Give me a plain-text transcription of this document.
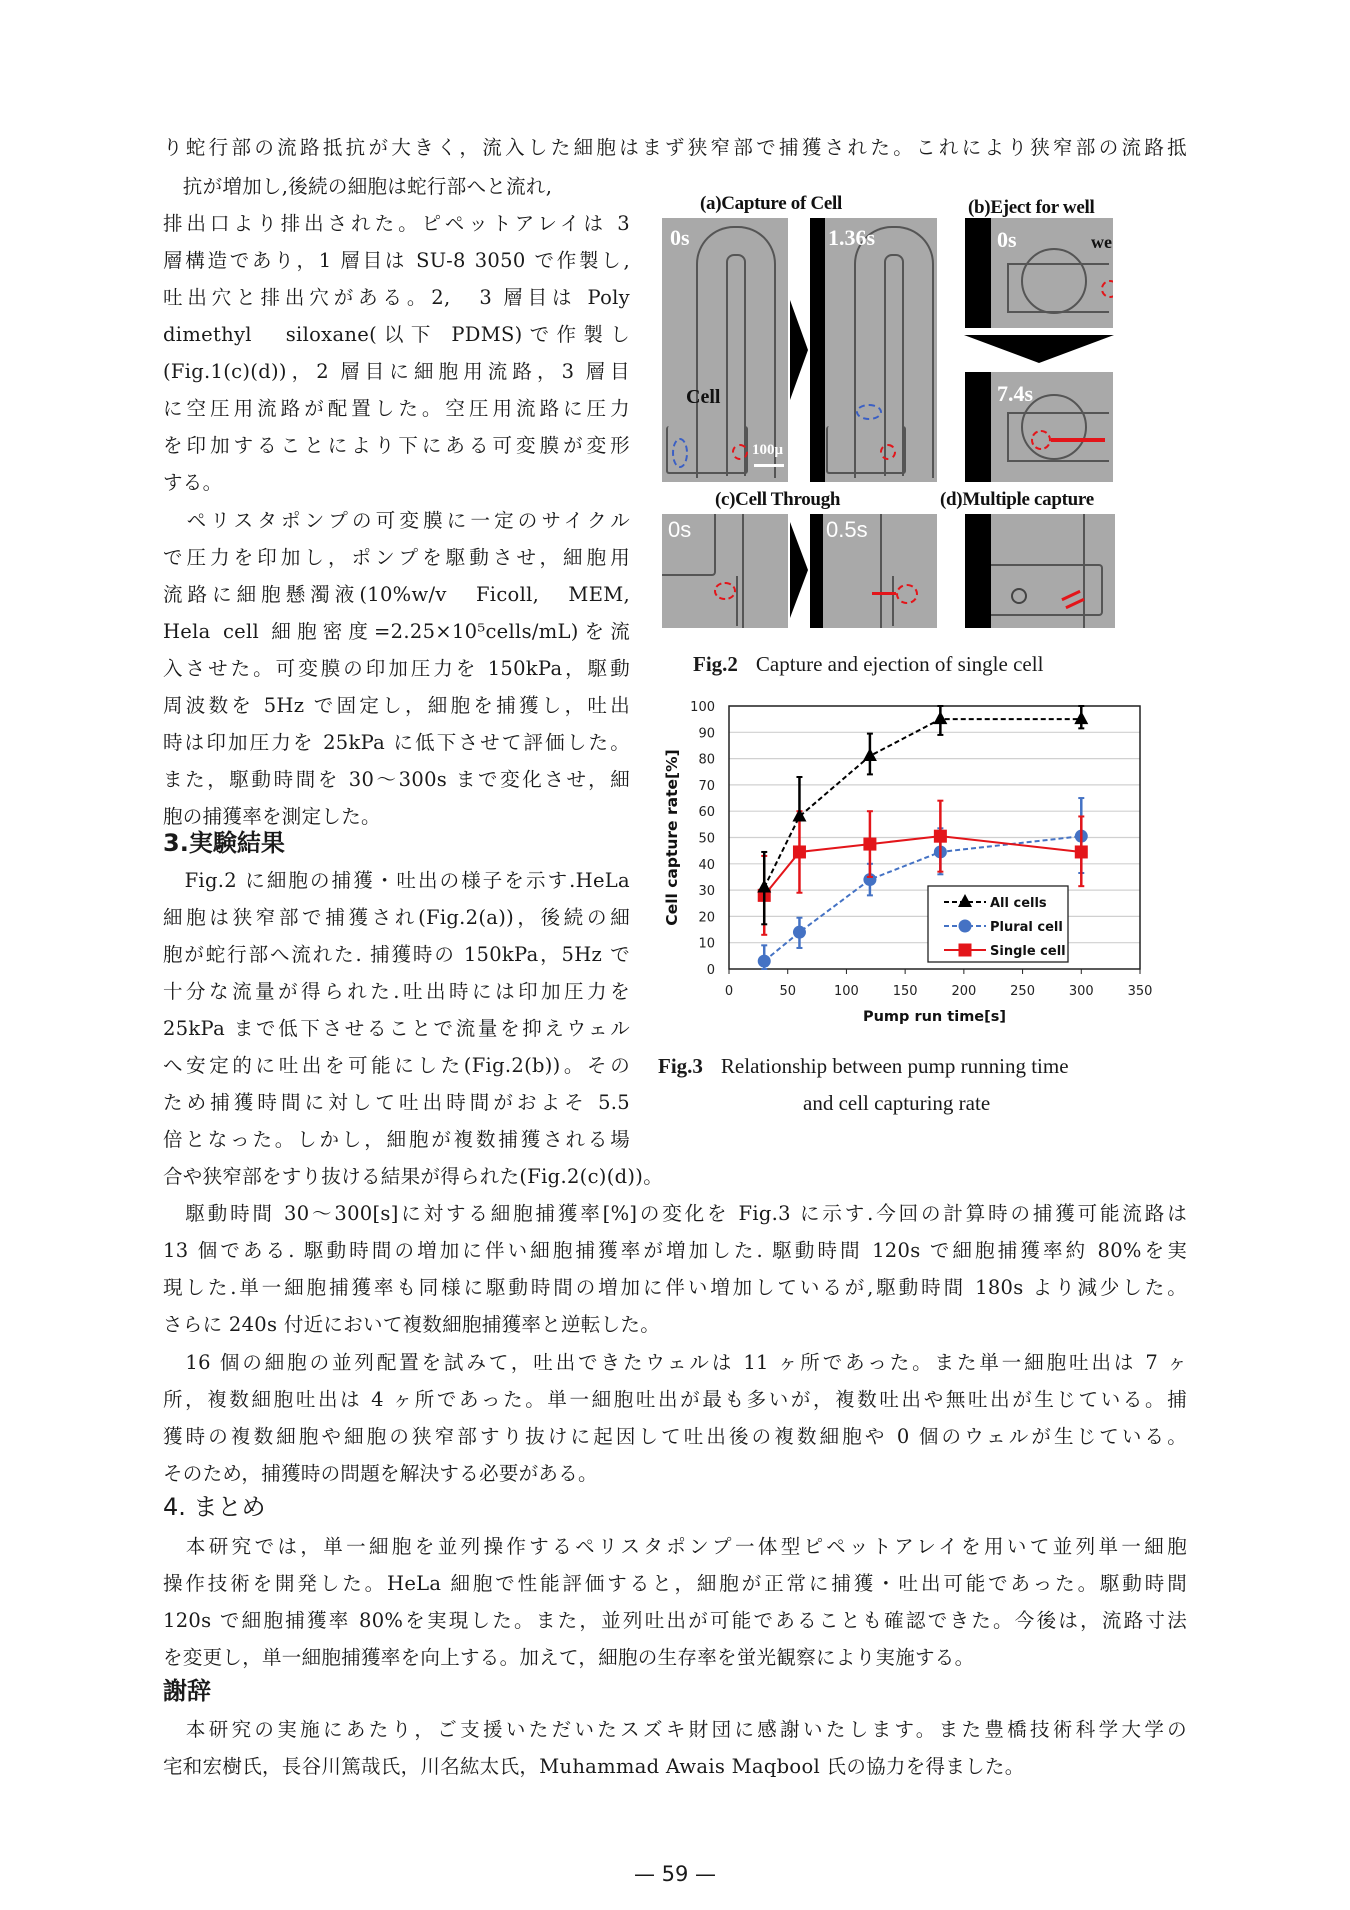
り蛇行部の流路抵抗が大きく，流入した細胞はまず狭窄部で捕獲された。これにより狭窄部の流路抵
　抗が増加し,後続の細胞は蛇行部へと流れ,
排出口より排出された。ピペットアレイは 3
層構造であり，1 層目は SU-8 3050 で作製し,
吐出穴と排出穴がある。2,　3 層目は Poly
dimethyl　siloxane(以下 PDMS)で作製し
(Fig.1(c)(d))，2 層目に細胞用流路，3 層目
に空圧用流路が配置した。空圧用流路に圧力
を印加することにより下にある可変膜が変形
する。
　ペリスタポンプの可変膜に一定のサイクル
で圧力を印加し，ポンプを駆動させ，細胞用
流路に細胞懸濁液(10%w/v　Ficoll,　MEM,
Hela cell 細胞密度=2.25×10⁵cells/mL)を流
入させた。可変膜の印加圧力を 150kPa，駆動
周波数を 5Hz で固定し，細胞を捕獲し，吐出
時は印加圧力を 25kPa に低下させて評価した。
また，駆動時間を 30～300s まで変化させ，細
胞の捕獲率を測定した。
3.実験結果
　Fig.2 に細胞の捕獲・吐出の様子を示す.HeLa
細胞は狭窄部で捕獲され(Fig.2(a))，後続の細
胞が蛇行部へ流れた. 捕獲時の 150kPa，5Hz で
十分な流量が得られた.吐出時には印加圧力を
25kPa まで低下させることで流量を抑えウェル
へ安定的に吐出を可能にした(Fig.2(b))。その
ため捕獲時間に対して吐出時間がおよそ 5.5
倍となった。しかし，細胞が複数捕獲される場
合や狭窄部をすり抜ける結果が得られた(Fig.2(c)(d))。
(a)Capture of Cell	(b)Eject for well
0s
Cell
100μ
1.36s	0s	we
7.4s
(c)Cell Through	(d)Multiple capture
0s	0.5s
Fig.2 Capture and ejection of single cell
0
10
20
30
40
50
60
70
80
90
100
0	50	100	150	200	250	300	350
Pump run time[s]
Cell capture rate[%]	All cells
Plural cell
Single cell
Fig.3 Relationship between pump running time
and cell capturing rate
　駆動時間 30～300[s]に対する細胞捕獲率[%]の変化を Fig.3 に示す.今回の計算時の捕獲可能流路は
13 個である. 駆動時間の増加に伴い細胞捕獲率が増加した. 駆動時間 120s で細胞捕獲率約 80%を実
現した.単一細胞捕獲率も同様に駆動時間の増加に伴い増加しているが,駆動時間 180s より減少した。
さらに 240s 付近において複数細胞捕獲率と逆転した。
　16 個の細胞の並列配置を試みて，吐出できたウェルは 11 ヶ所であった。また単一細胞吐出は 7 ヶ
所，複数細胞吐出は 4 ヶ所であった。単一細胞吐出が最も多いが，複数吐出や無吐出が生じている。捕
獲時の複数細胞や細胞の狭窄部すり抜けに起因して吐出後の複数細胞や 0 個のウェルが生じている。
そのため，捕獲時の問題を解決する必要がある。
4. まとめ
　本研究では，単一細胞を並列操作するペリスタポンプ一体型ピペットアレイを用いて並列単一細胞
操作技術を開発した。HeLa 細胞で性能評価すると，細胞が正常に捕獲・吐出可能であった。駆動時間
120s で細胞捕獲率 80%を実現した。また，並列吐出が可能であることも確認できた。今後は，流路寸法
を変更し，単一細胞捕獲率を向上する。加えて，細胞の生存率を蛍光観察により実施する。
謝辞
　本研究の実施にあたり，ご支援いただいたスズキ財団に感謝いたします。また豊橋技術科学大学の
宅和宏樹氏，長谷川篤哉氏，川名紘太氏，Muhammad Awais Maqbool 氏の協力を得ました。
— 59 —
